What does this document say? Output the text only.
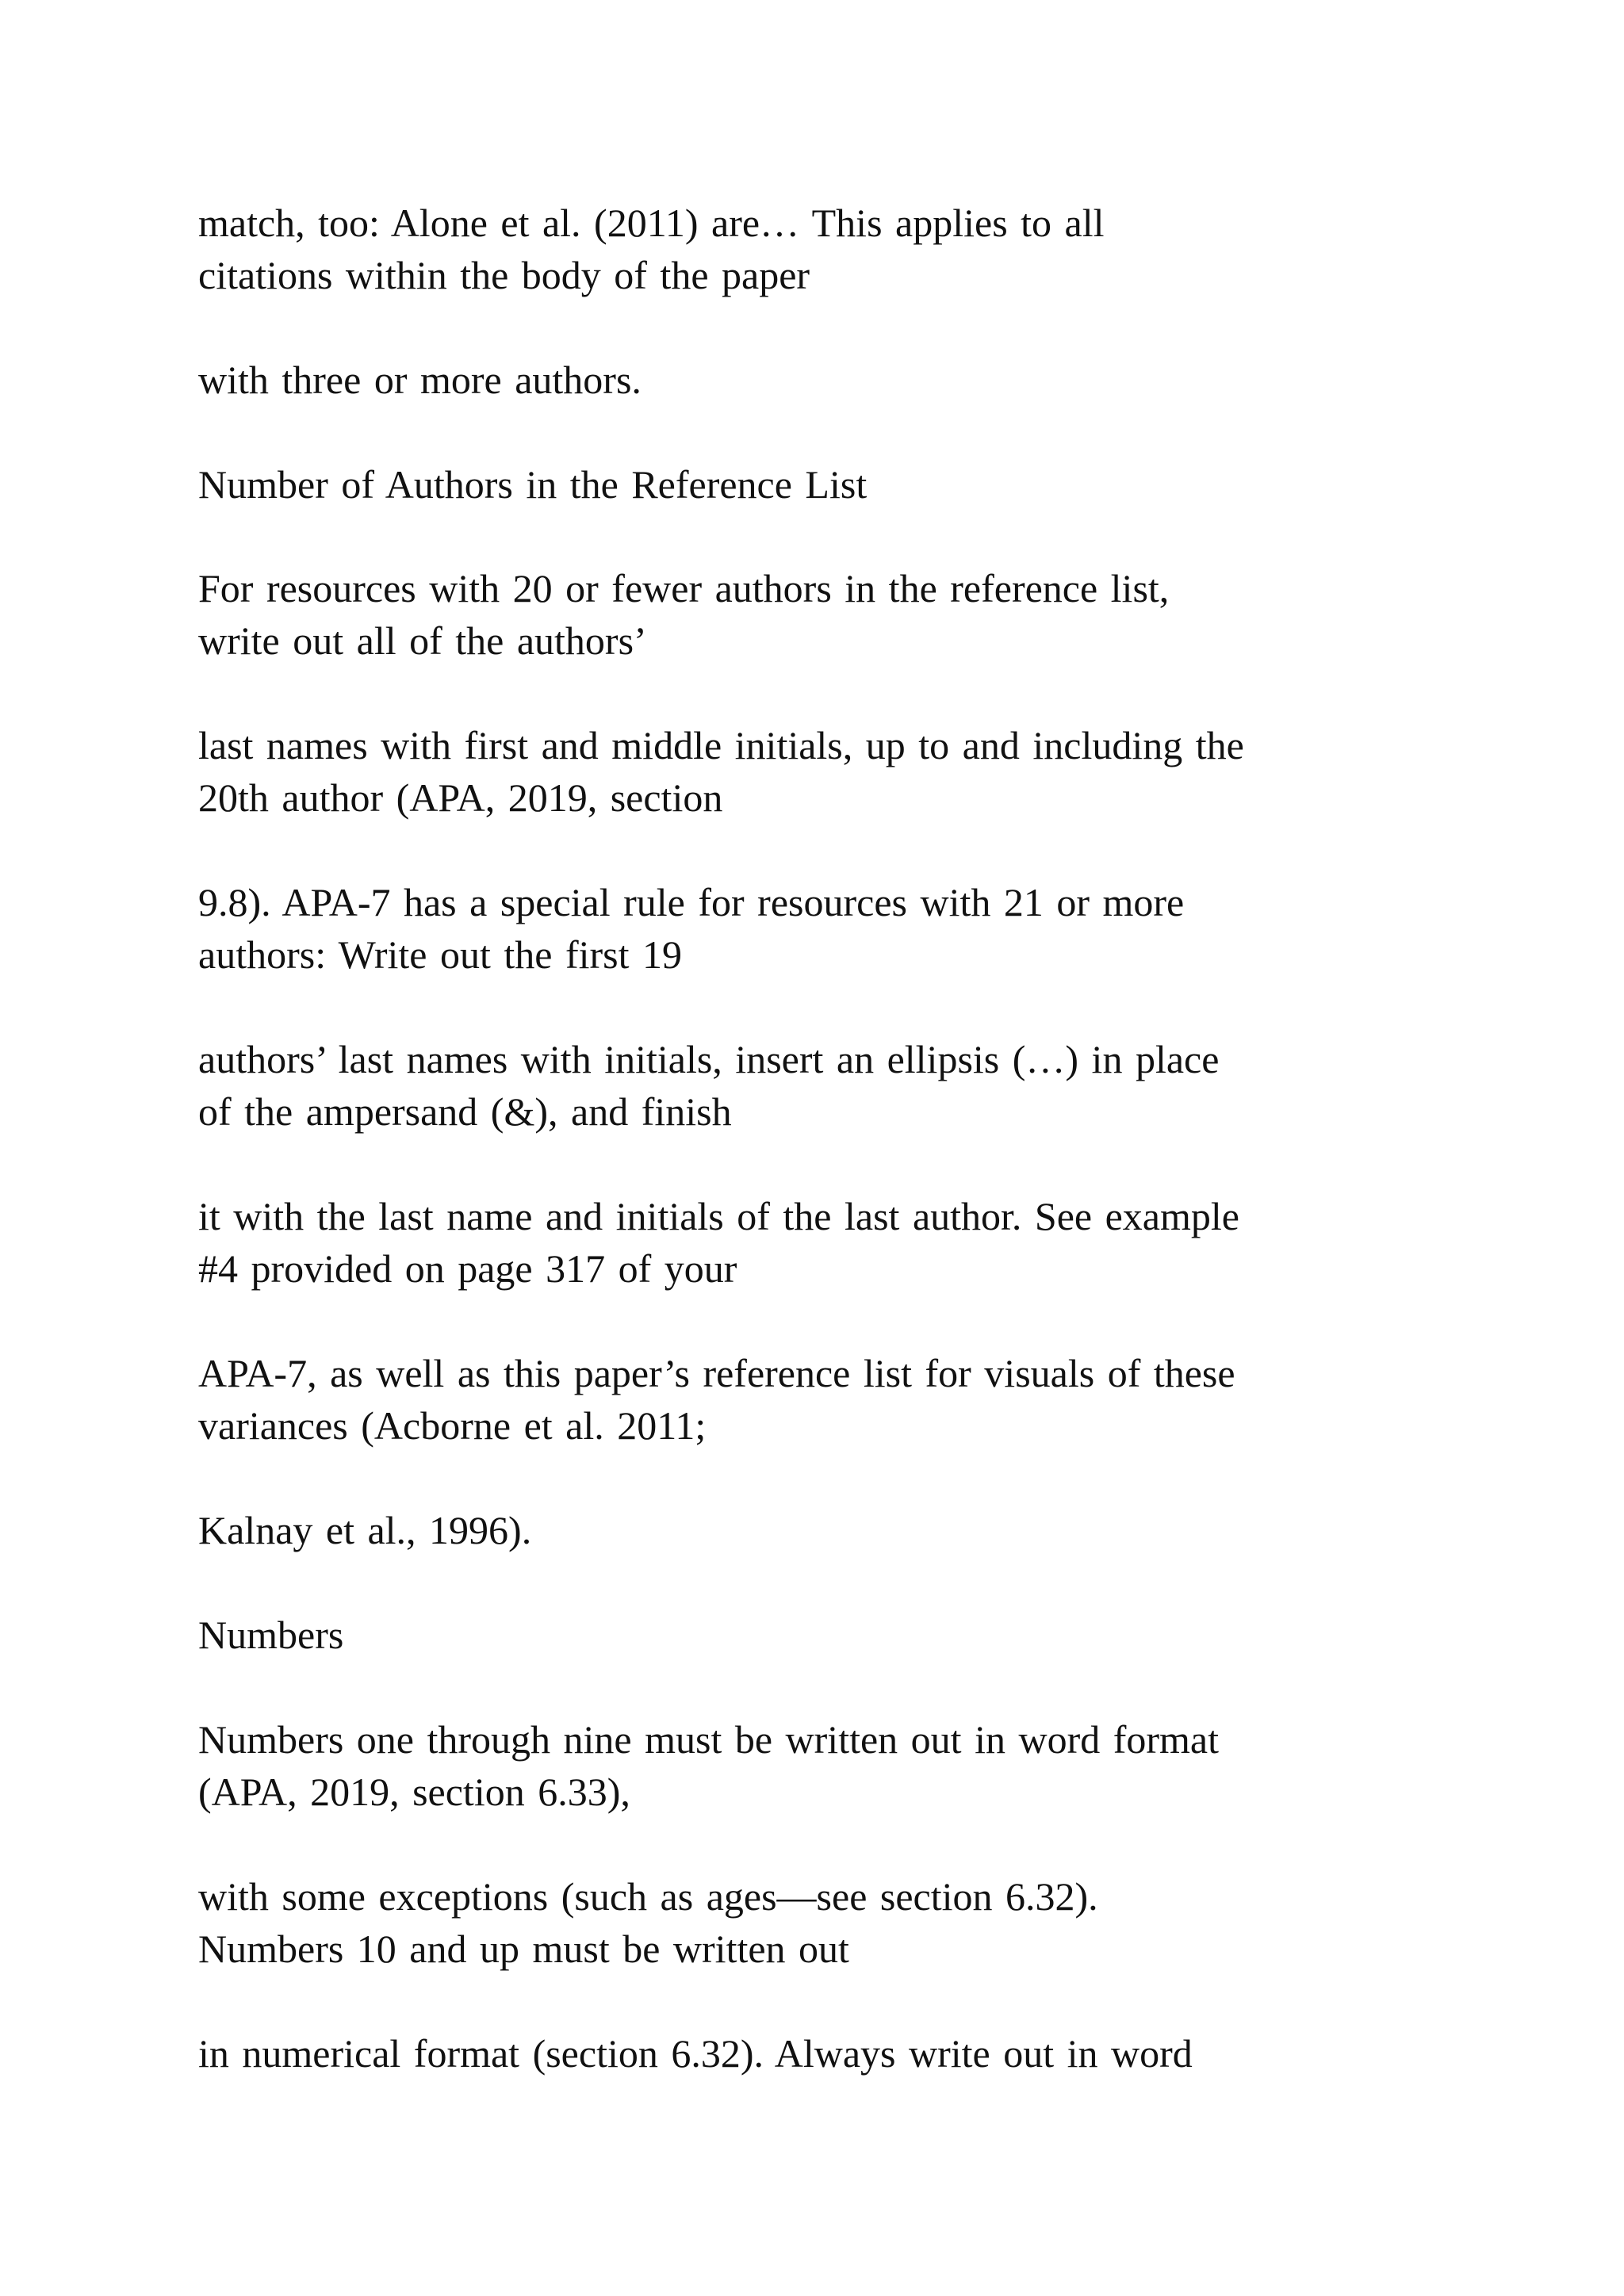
match, too: Alone et al. (2011) are… This applies to all
citations within the body of the paper

with three or more authors.

Number of Authors in the Reference List

For resources with 20 or fewer authors in the reference list,
write out all of the authors’

last names with first and middle initials, up to and including the
20th author (APA, 2019, section

9.8). APA-7 has a special rule for resources with 21 or more
authors: Write out the first 19

authors’ last names with initials, insert an ellipsis (…) in place
of the ampersand (&), and finish

it with the last name and initials of the last author. See example
#4 provided on page 317 of your

APA-7, as well as this paper’s reference list for visuals of these
variances (Acborne et al. 2011;

Kalnay et al., 1996).

Numbers

Numbers one through nine must be written out in word format
(APA, 2019, section 6.33),

with some exceptions (such as ages—see section 6.32).
Numbers 10 and up must be written out

in numerical format (section 6.32). Always write out in word
